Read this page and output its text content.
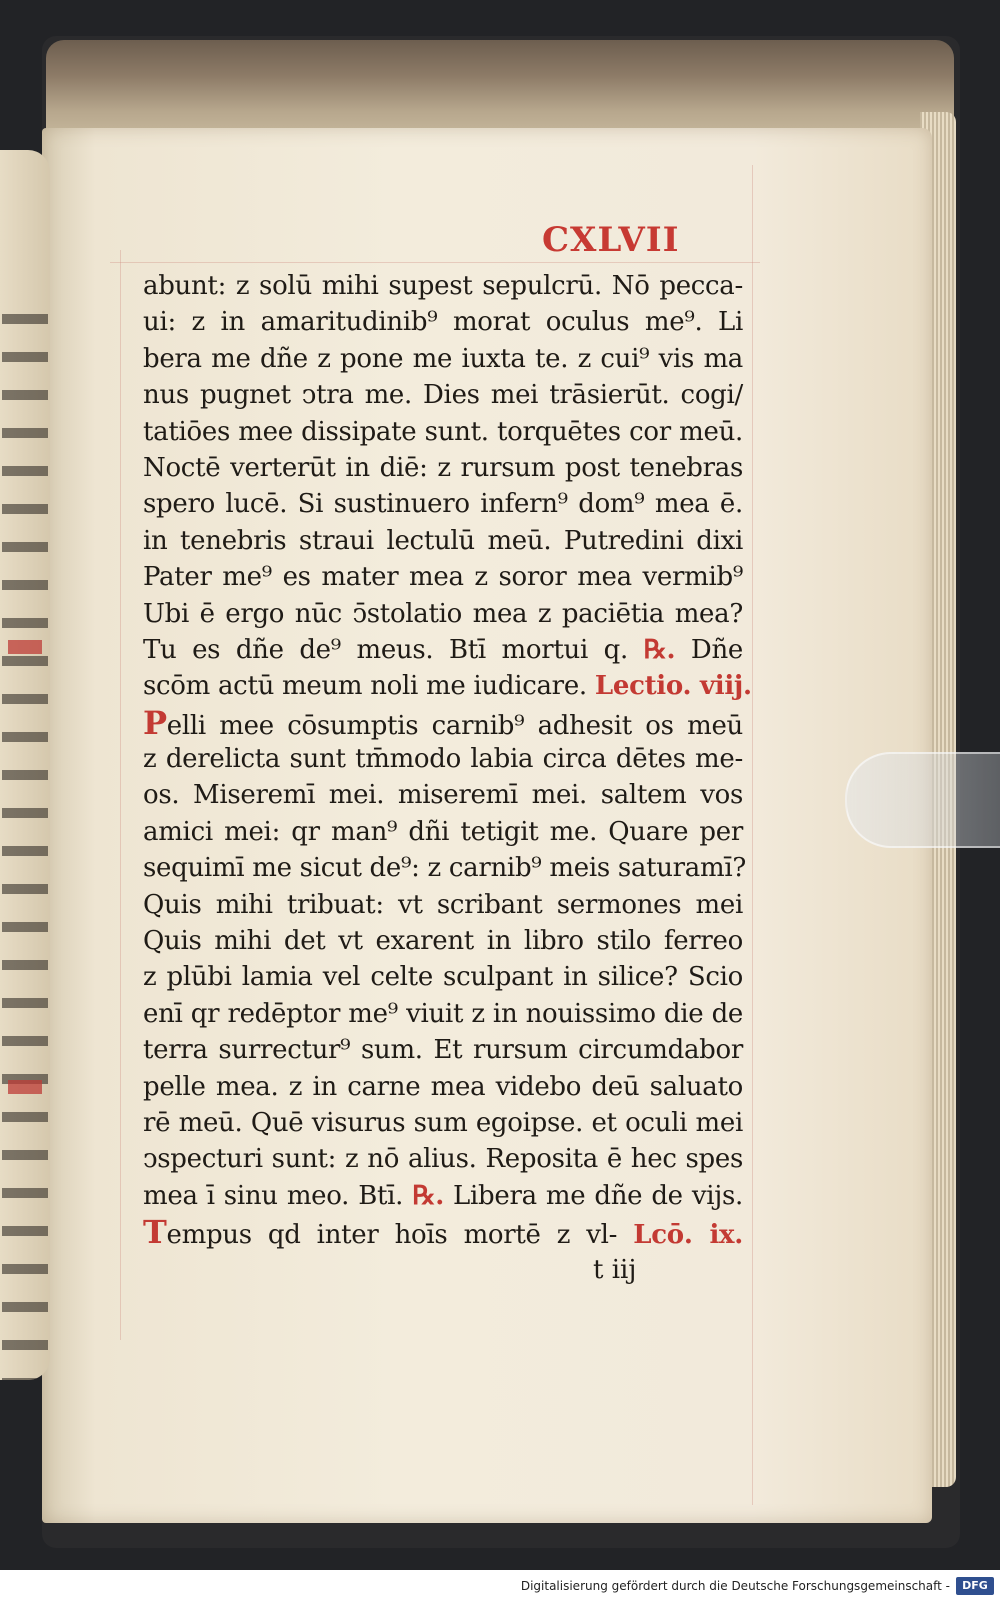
CXLVII
abunt: z solū mihi supest sepulcrū. Nō pecca-
ui: z in amaritudinib⁹ morat oculus me⁹. Li
bera me dñe z pone me iuxta te. z cui⁹ vis ma
nus pugnet ↄtra me. Dies mei trāsierūt. cogi/
tatiōes mee dissipate sunt. torquētes cor meū.
Noctē verterūt in diē: z rursum post tenebras
spero lucē. Si sustinuero infern⁹ dom⁹ mea ē.
in tenebris straui lectulū meū. Putredini dixi
Pater me⁹ es mater mea z soror mea vermib⁹
Ubi ē ergo nūc ↄ̄stolatio mea z paciētia mea?
Tu es dñe de⁹ meus. Btī mortui q. ℞. Dñe
scōm actū meum noli me iudicare. Lectio. viij.
Pelli mee cōsumptis carnib⁹ adhesit os meū
z derelicta sunt tm̄modo labia circa dētes me-
os. Miseremī mei. miseremī mei. saltem vos
amici mei: qr man⁹ dñi tetigit me. Quare per
sequimī me sicut de⁹: z carnib⁹ meis saturamī?
Quis mihi tribuat: vt scribant sermones mei
Quis mihi det vt exarent in libro stilo ferreo
z plūbi lamia vel celte sculpant in silice? Scio
enī qr redēptor me⁹ viuit z in nouissimo die de
terra surrectur⁹ sum. Et rursum circumdabor
pelle mea. z in carne mea videbo deū saluato
rē meū. Quē visurus sum egoipse. et oculi mei
ↄspecturi sunt: z nō alius. Reposita ē hec spes
mea ī sinu meo. Btī. ℞. Libera me dñe de vijs.
Tempus qd inter hoīs mortē z vl- Lcō. ix.
t iij
Digitalisierung gefördert durch die Deutsche Forschungsgemeinschaft -	DFG
